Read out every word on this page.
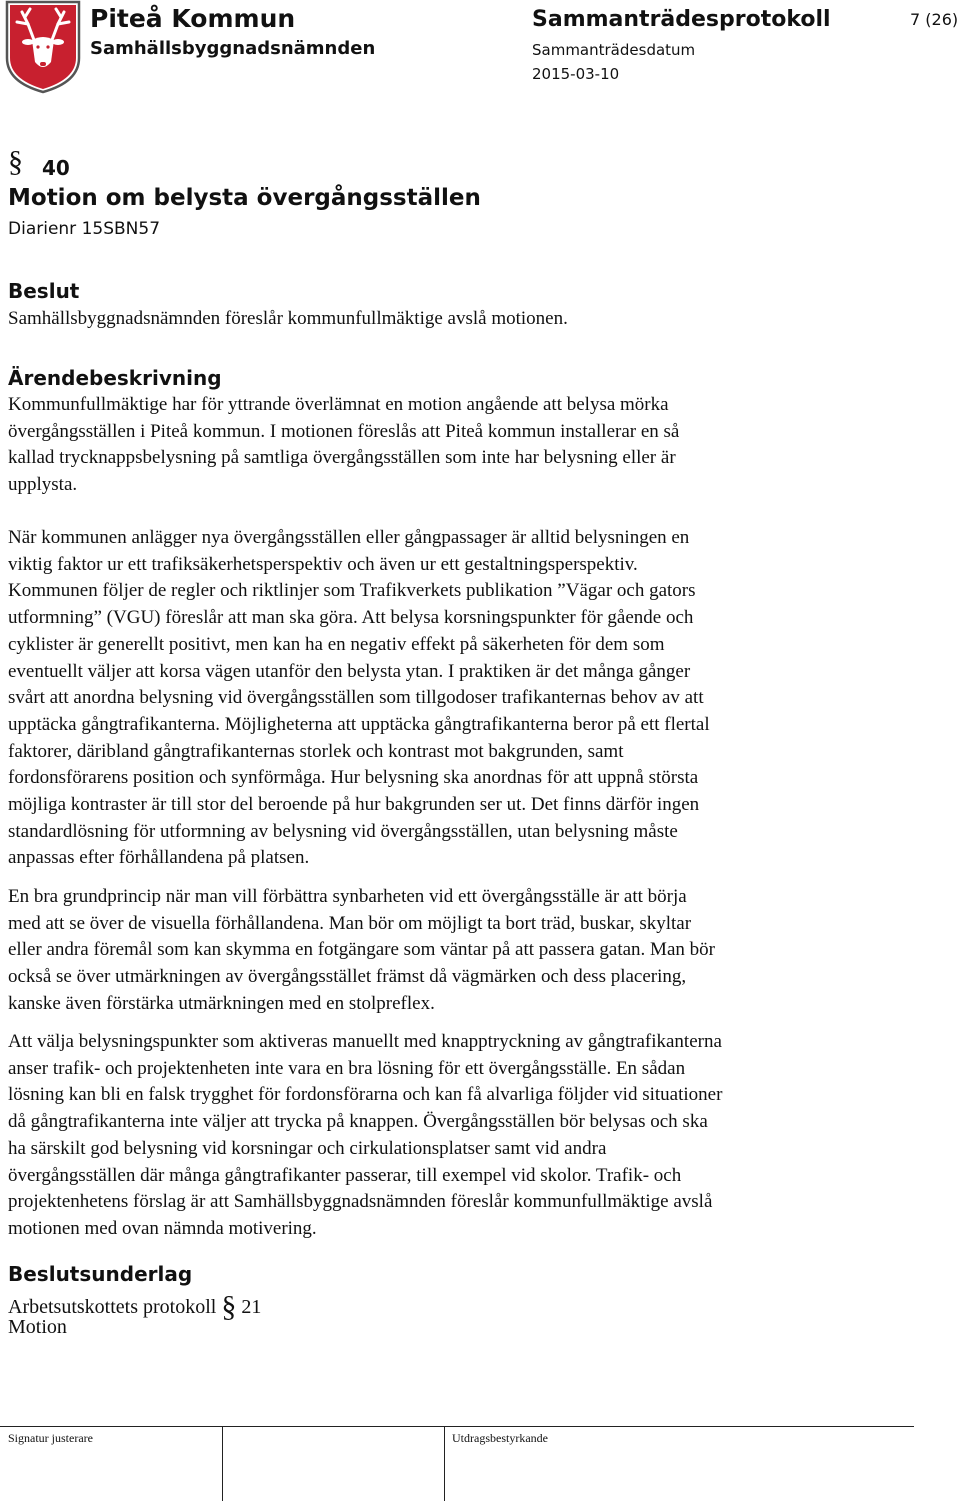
Piteå Kommun
Samhällsbyggnadsnämnden
Sammanträdesprotokoll
Sammanträdesdatum
2015-03-10
7 (26)
§ 40
Motion om belysta övergångsställen
Diarienr 15SBN57
Beslut
Samhällsbyggnadsnämnden föreslår kommunfullmäktige avslå motionen.
Ärendebeskrivning
Kommunfullmäktige har för yttrande överlämnat en motion angående att belysa mörka
övergångsställen i Piteå kommun. I motionen föreslås att Piteå kommun installerar en så
kallad trycknappsbelysning på samtliga övergångsställen som inte har belysning eller är
upplysta.
När kommunen anlägger nya övergångsställen eller gångpassager är alltid belysningen en
viktig faktor ur ett trafiksäkerhetsperspektiv och även ur ett gestaltningsperspektiv.
Kommunen följer de regler och riktlinjer som Trafikverkets publikation ”Vägar och gators
utformning” (VGU) föreslår att man ska göra. Att belysa korsningspunkter för gående och
cyklister är generellt positivt, men kan ha en negativ effekt på säkerheten för dem som
eventuellt väljer att korsa vägen utanför den belysta ytan. I praktiken är det många gånger
svårt att anordna belysning vid övergångsställen som tillgodoser trafikanternas behov av att
upptäcka gångtrafikanterna. Möjligheterna att upptäcka gångtrafikanterna beror på ett flertal
faktorer, däribland gångtrafikanternas storlek och kontrast mot bakgrunden, samt
fordonsförarens position och synförmåga. Hur belysning ska anordnas för att uppnå största
möjliga kontraster är till stor del beroende på hur bakgrunden ser ut. Det finns därför ingen
standardlösning för utformning av belysning vid övergångsställen, utan belysning måste
anpassas efter förhållandena på platsen.
En bra grundprincip när man vill förbättra synbarheten vid ett övergångsställe är att börja
med att se över de visuella förhållandena. Man bör om möjligt ta bort träd, buskar, skyltar
eller andra föremål som kan skymma en fotgängare som väntar på att passera gatan. Man bör
också se över utmärkningen av övergångsstället främst då vägmärken och dess placering,
kanske även förstärka utmärkningen med en stolpreflex.
Att välja belysningspunkter som aktiveras manuellt med knapptryckning av gångtrafikanterna
anser trafik- och projektenheten inte vara en bra lösning för ett övergångsställe. En sådan
lösning kan bli en falsk trygghet för fordonsförarna och kan få alvarliga följder vid situationer
då gångtrafikanterna inte väljer att trycka på knappen. Övergångsställen bör belysas och ska
ha särskilt god belysning vid korsningar och cirkulationsplatser samt vid andra
övergångsställen där många gångtrafikanter passerar, till exempel vid skolor. Trafik- och
projektenhetens förslag är att Samhällsbyggnadsnämnden föreslår kommunfullmäktige avslå
motionen med ovan nämnda motivering.
Beslutsunderlag
Arbetsutskottets protokoll § 21
Motion
Signatur justerare	Utdragsbestyrkande
